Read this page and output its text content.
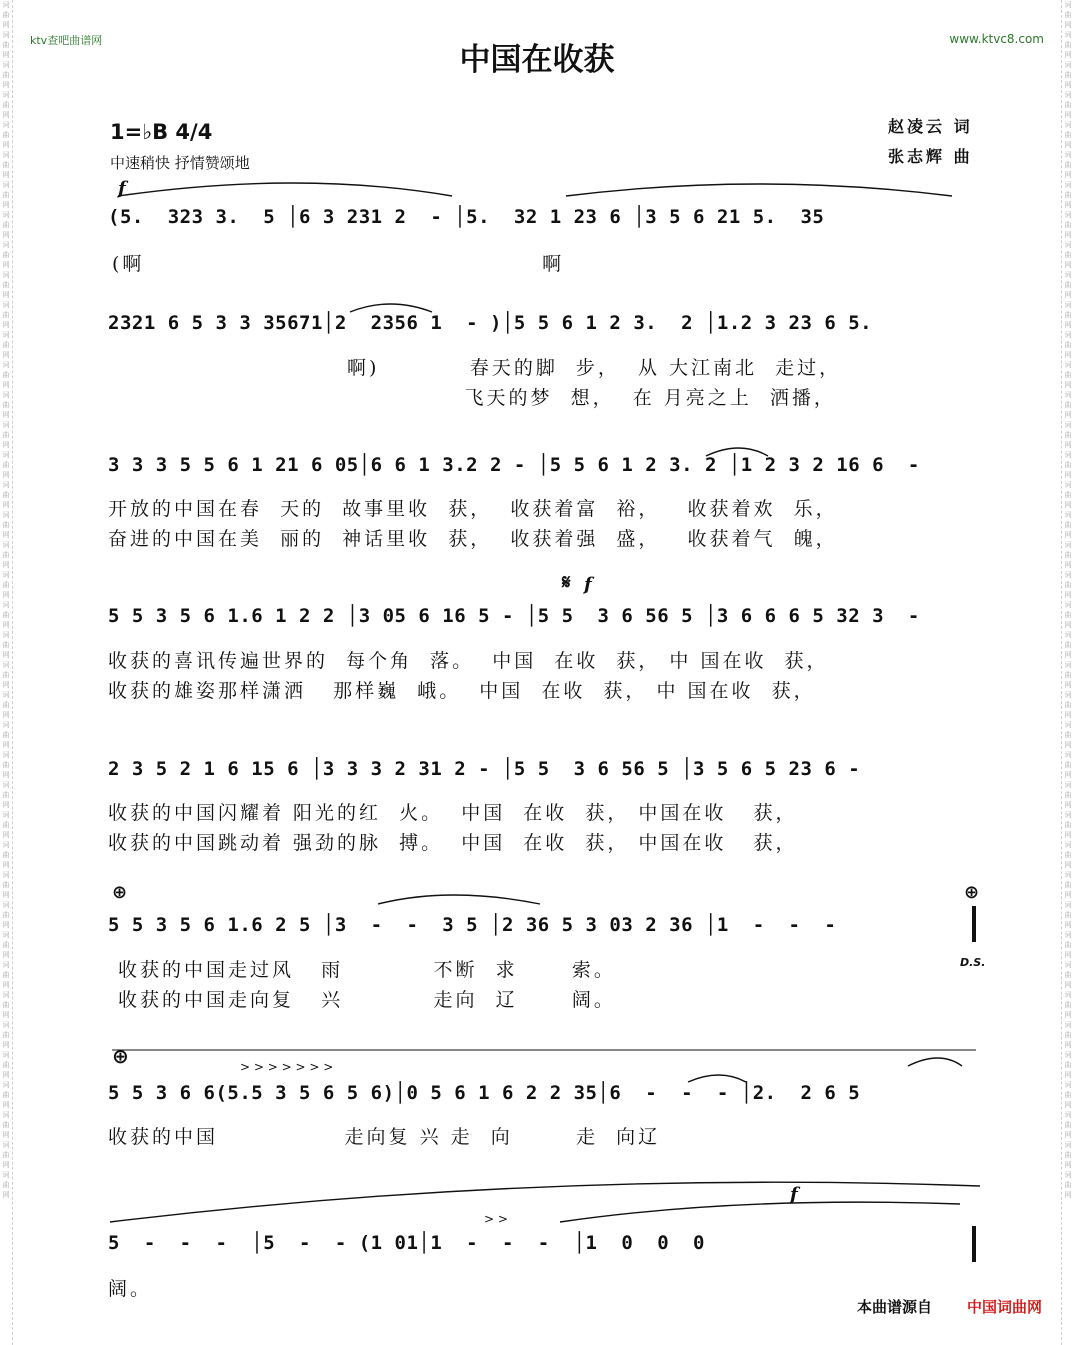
词曲网词曲网词曲网词曲网词曲网词曲网词曲网词曲网词曲网词曲网词曲网词曲网词曲网词曲网词曲网词曲网词曲网词曲网词曲网词曲网词曲网词曲网词曲网词曲网词曲网词曲网词曲网词曲网词曲网词曲网词曲网词曲网词曲网词曲网词曲网词曲网词曲网词曲网词曲网词曲网
词曲网词曲网词曲网词曲网词曲网词曲网词曲网词曲网词曲网词曲网词曲网词曲网词曲网词曲网词曲网词曲网词曲网词曲网词曲网词曲网词曲网词曲网词曲网词曲网词曲网词曲网词曲网词曲网词曲网词曲网词曲网词曲网词曲网词曲网词曲网词曲网词曲网词曲网词曲网词曲网
ktv查吧曲谱网	www.ktvc8.com
中国在收获
1=♭B 4/4
中速稍快 抒情赞颂地
赵凌云 词
张志辉 曲
f
𝄋 f
⊕	⊕
D.S.
> > > > > > >
> >
⊕
f
(5.  323 3.  5 │6 3 231 2  - │5.  32 1 23 6 │3 5 6 21 5.  35
(啊                                            啊
2321 6 5 3 3 35671│2  2356 1  - )│5 5 6 1 2 3.  2 │1.2 3 23 6 5.
啊)          春天的脚  步，  从 大江南北  走过，
飞天的梦  想，  在 月亮之上  洒播，
3 3 3 5 5 6 1 21 6 05│6 6 1 3.2 2 - │5 5 6 1 2 3. 2 │1 2 3 2 16 6  -
开放的中国在春  天的  故事里收  获，  收获着富  裕，   收获着欢  乐，
奋进的中国在美  丽的  神话里收  获，  收获着强  盛，   收获着气  魄，
5 5 3 5 6 1.6 1 2 2 │3 05 6 16 5 - │5 5  3 6 56 5 │3 6 6 6 5 32 3  -
收获的喜讯传遍世界的  每个角  落。  中国  在收  获， 中 国在收  获，
收获的雄姿那样潇洒   那样巍  峨。  中国  在收  获， 中 国在收  获，
2 3 5 2 1 6 15 6 │3 3 3 2 31 2 - │5 5  3 6 56 5 │3 5 6 5 23 6 -
收获的中国闪耀着 阳光的红  火。  中国  在收  获， 中国在收   获，
收获的中国跳动着 强劲的脉  搏。  中国  在收  获， 中国在收   获，
5 5 3 5 6 1.6 2 5 │3  -  -  3 5 │2 36 5 3 03 2 36 │1  -  -  -
收获的中国走过风   雨          不断  求      索。
收获的中国走向复   兴          走向  辽      阔。
5 5 3 6 6(5.5 3 5 6 5 6)│0 5 6 1 6 2 2 35│6  -  -  - │2.  2 6 5
收获的中国              走向复 兴 走  向       走  向辽
5  -  -  -  │5  -  - (1 01│1  -  -  -  │1  0  0  0
阔。
本曲谱源自 中国词曲网
